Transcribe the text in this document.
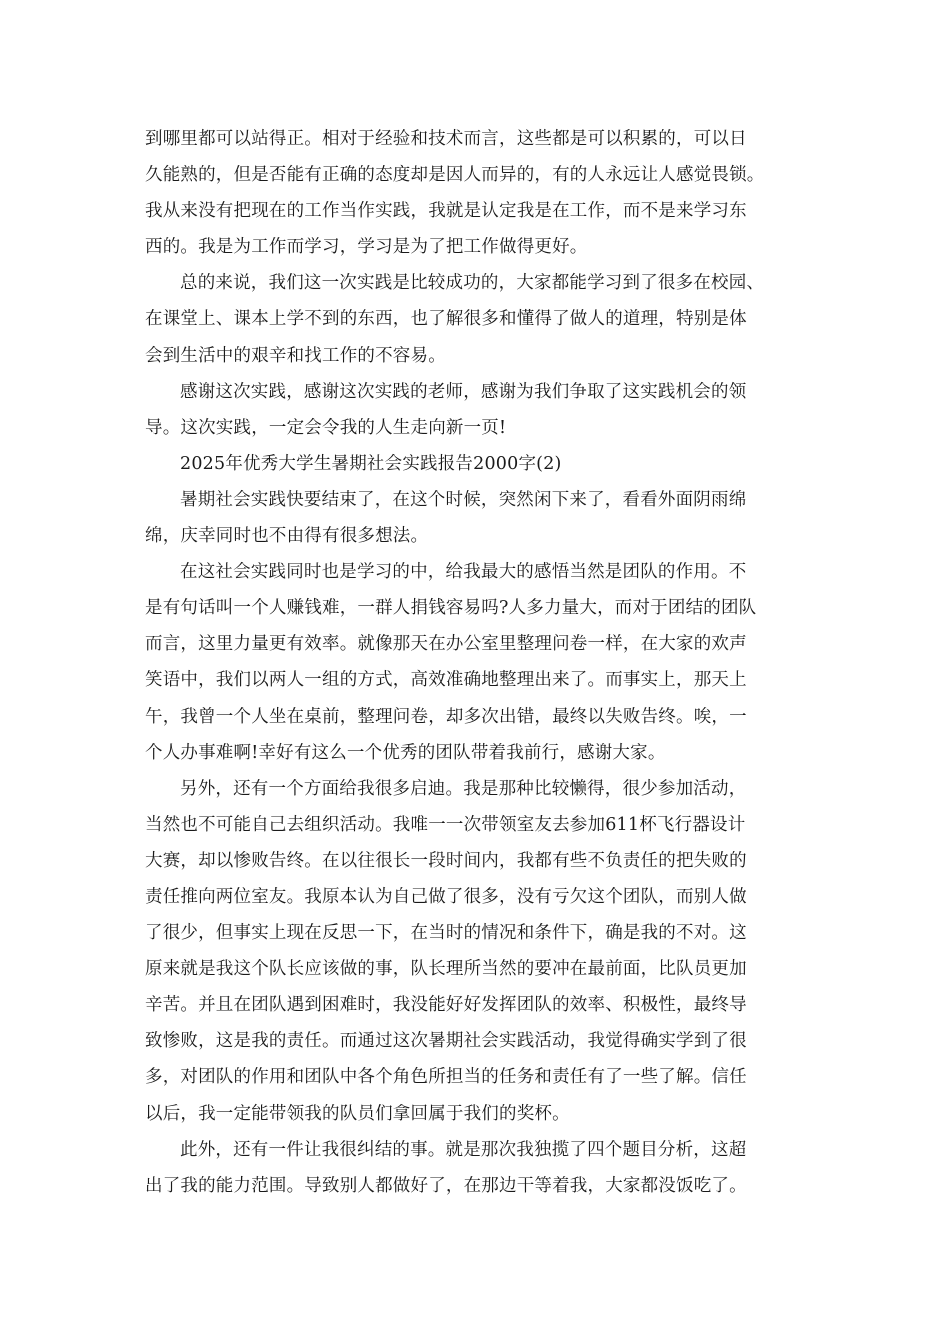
到哪里都可以站得正。相对于经验和技术而言，这些都是可以积累的，可以日
久能熟的，但是否能有正确的态度却是因人而异的，有的人永远让人感觉畏锁。
我从来没有把现在的工作当作实践，我就是认定我是在工作，而不是来学习东
西的。我是为工作而学习，学习是为了把工作做得更好。
总的来说，我们这一次实践是比较成功的，大家都能学习到了很多在校园、
在课堂上、课本上学不到的东西，也了解很多和懂得了做人的道理，特别是体
会到生活中的艰辛和找工作的不容易。
感谢这次实践，感谢这次实践的老师，感谢为我们争取了这实践机会的领
导。这次实践，一定会令我的人生走向新一页!
2025年优秀大学生暑期社会实践报告2000字(2)
暑期社会实践快要结束了，在这个时候，突然闲下来了，看看外面阴雨绵
绵，庆幸同时也不由得有很多想法。
在这社会实践同时也是学习的中，给我最大的感悟当然是团队的作用。不
是有句话叫一个人赚钱难，一群人捐钱容易吗?人多力量大，而对于团结的团队
而言，这里力量更有效率。就像那天在办公室里整理问卷一样，在大家的欢声
笑语中，我们以两人一组的方式，高效准确地整理出来了。而事实上，那天上
午，我曾一个人坐在桌前，整理问卷，却多次出错，最终以失败告终。唉，一
个人办事难啊!幸好有这么一个优秀的团队带着我前行，感谢大家。
另外，还有一个方面给我很多启迪。我是那种比较懒得，很少参加活动，
当然也不可能自己去组织活动。我唯一一次带领室友去参加611杯飞行器设计
大赛，却以惨败告终。在以往很长一段时间内，我都有些不负责任的把失败的
责任推向两位室友。我原本认为自己做了很多，没有亏欠这个团队，而别人做
了很少，但事实上现在反思一下，在当时的情况和条件下，确是我的不对。这
原来就是我这个队长应该做的事，队长理所当然的要冲在最前面，比队员更加
辛苦。并且在团队遇到困难时，我没能好好发挥团队的效率、积极性，最终导
致惨败，这是我的责任。而通过这次暑期社会实践活动，我觉得确实学到了很
多，对团队的作用和团队中各个角色所担当的任务和责任有了一些了解。信任
以后，我一定能带领我的队员们拿回属于我们的奖杯。
此外，还有一件让我很纠结的事。就是那次我独揽了四个题目分析，这超
出了我的能力范围。导致别人都做好了，在那边干等着我，大家都没饭吃了。
